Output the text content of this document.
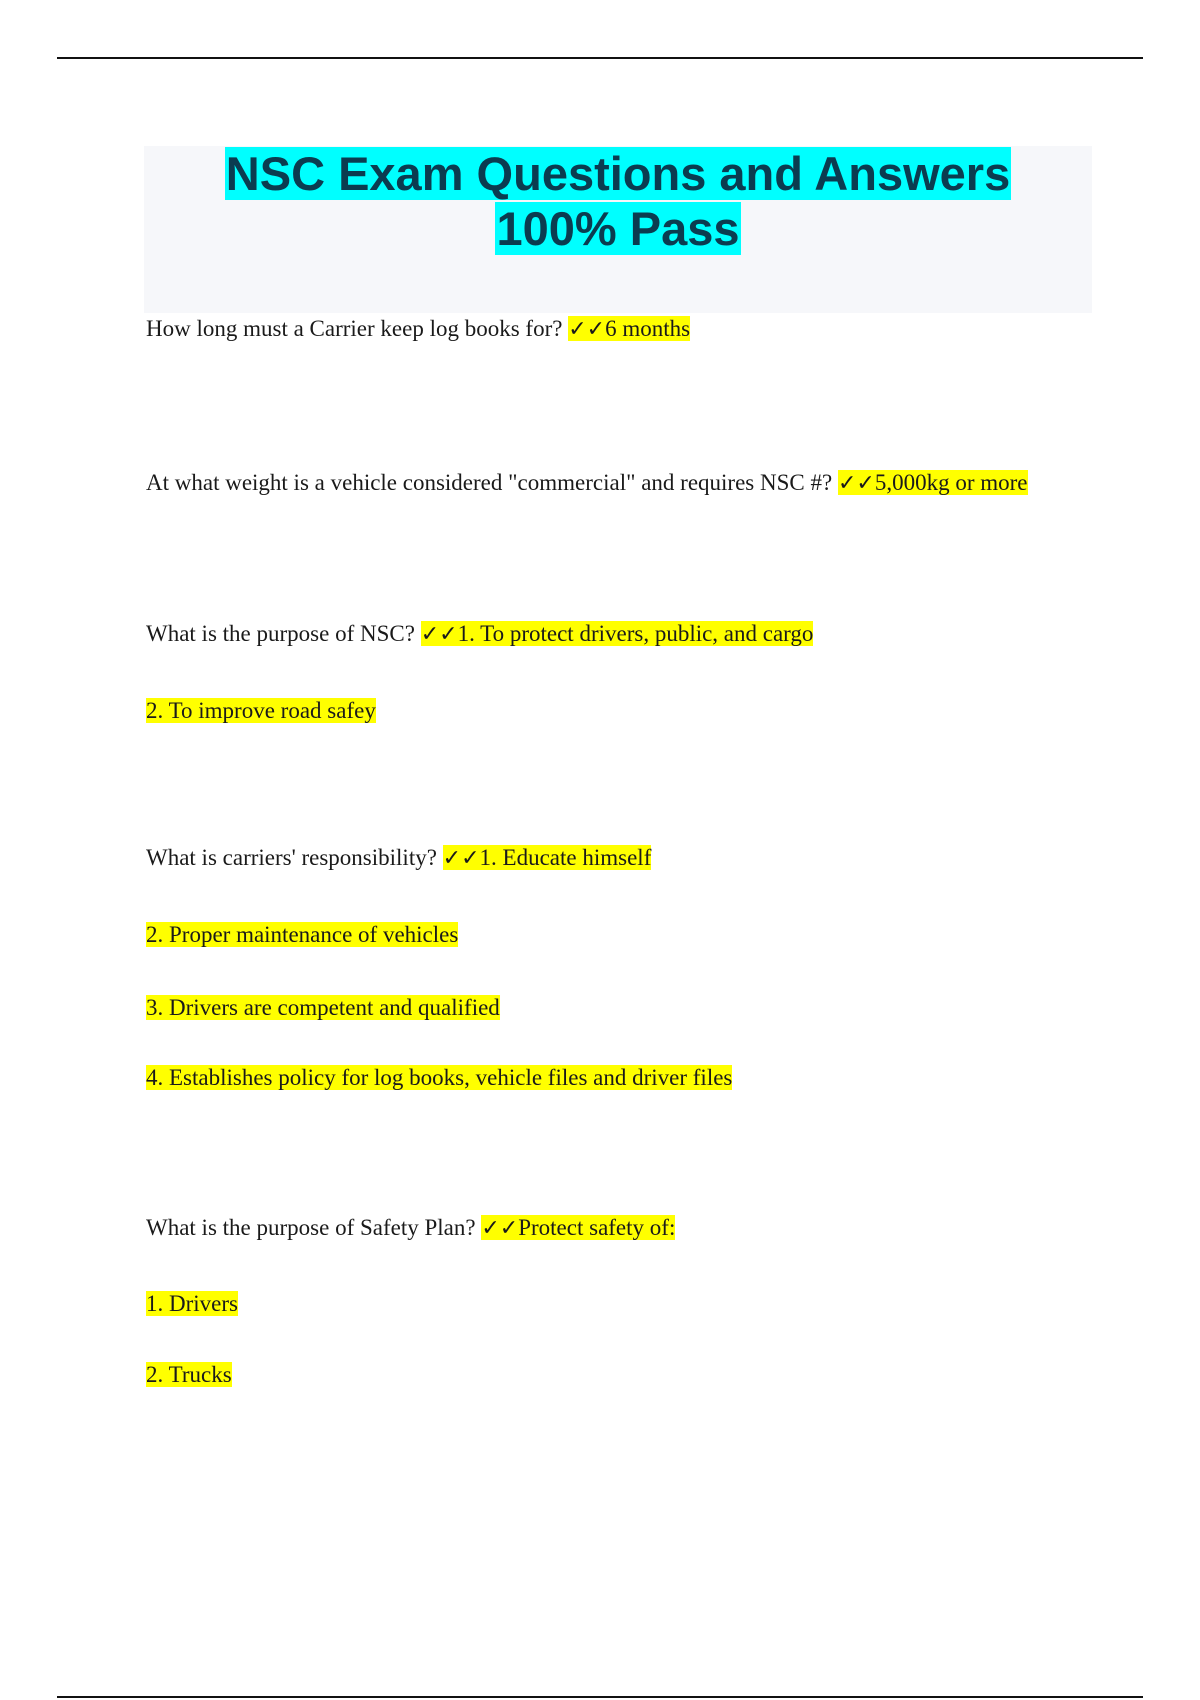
NSC Exam Questions and Answers
100% Pass
How long must a Carrier keep log books for? ✓✓6 months
At what weight is a vehicle considered "commercial" and requires NSC #? ✓✓5,000kg or more
What is the purpose of NSC? ✓✓1. To protect drivers, public, and cargo
2. To improve road safey
What is carriers' responsibility? ✓✓1. Educate himself
2. Proper maintenance of vehicles
3. Drivers are competent and qualified
4. Establishes policy for log books, vehicle files and driver files
What is the purpose of Safety Plan? ✓✓Protect safety of:
1. Drivers
2. Trucks
